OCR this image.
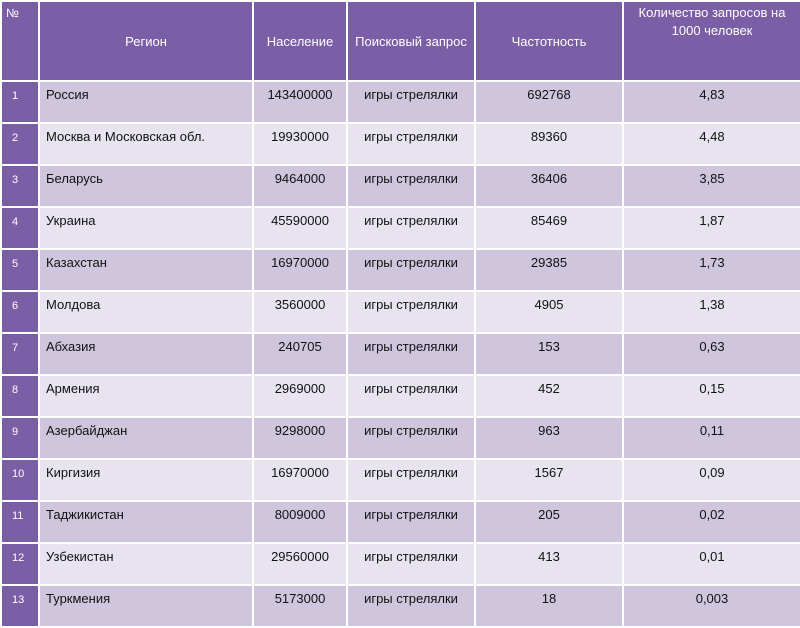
№	Регион	Население	Поисковый запрос	Частотность	Количество запросов на 1000 человек
1	Россия	143400000	игры стрелялки	692768	4,83
2	Москва и Московская обл.	19930000	игры стрелялки	89360	4,48
3	Беларусь	9464000	игры стрелялки	36406	3,85
4	Украина	45590000	игры стрелялки	85469	1,87
5	Казахстан	16970000	игры стрелялки	29385	1,73
6	Молдова	3560000	игры стрелялки	4905	1,38
7	Абхазия	240705	игры стрелялки	153	0,63
8	Армения	2969000	игры стрелялки	452	0,15
9	Азербайджан	9298000	игры стрелялки	963	0,11
10	Киргизия	16970000	игры стрелялки	1567	0,09
11	Таджикистан	8009000	игры стрелялки	205	0,02
12	Узбекистан	29560000	игры стрелялки	413	0,01
13	Туркмения	5173000	игры стрелялки	18	0,003
